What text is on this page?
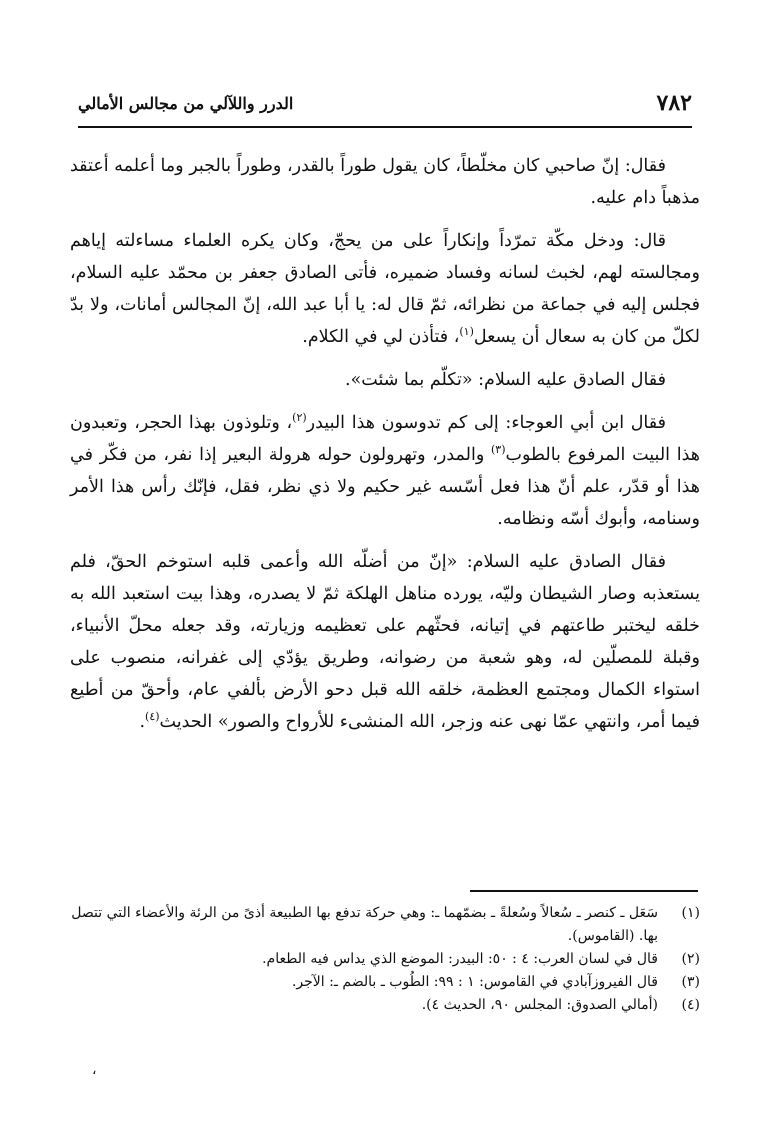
٧٨٢
الدرر واللآلي من مجالس الأمالي

فقال: إنّ صاحبي كان مخلّطاً، كان يقول طوراً بالقدر، وطوراً بالجبر وما أعلمه أعتقد مذهباً دام عليه.

قال: ودخل مكّة تمرّداً وإنكاراً على من يحجّ، وكان يكره العلماء مساءلته إياهم ومجالسته لهم، لخبث لسانه وفساد ضميره، فأتى الصادق جعفر بن محمّد عليه السلام، فجلس إليه في جماعة من نظرائه، ثمّ قال له: يا أبا عبد الله، إنّ المجالس أمانات، ولا بدّ لكلّ من كان به سعال أن يسعل$^{(١)}$، فتأذن لي في الكلام.

فقال الصادق عليه السلام: «تكلّم بما شئت».

فقال ابن أبي العوجاء: إلى كم تدوسون هذا البيدر$^{(٢)}$، وتلوذون بهذا الحجر، وتعبدون هذا البيت المرفوع بالطوب$^{(٣)}$ والمدر، وتهرولون حوله هرولة البعير إذا نفر، من فكّر في هذا أو قدّر، علم أنّ هذا فعل أسّسه غير حكيم ولا ذي نظر، فقل، فإنّك رأس هذا الأمر وسنامه، وأبوك أسّه ونظامه.

فقال الصادق عليه السلام: «إنّ من أضلّه الله وأعمى قلبه استوخم الحقّ، فلم يستعذبه وصار الشيطان وليّه، يورده مناهل الهلكة ثمّ لا يصدره، وهذا بيت استعبد الله به خلقه ليختبر طاعتهم في إتيانه، فحثّهم على تعظيمه وزيارته، وقد جعله محلّ الأنبياء، وقبلة للمصلّين له، وهو شعبة من رضوانه، وطريق يؤدّي إلى غفرانه، منصوب على استواء الكمال ومجتمع العظمة، خلقه الله قبل دحو الأرض بألفي عام، وأحقّ من أطيع فيما أمر، وانتهي عمّا نهى عنه وزجر، الله المنشىء للأرواح والصور» الحديث$^{(٤)}$.

(١)
سَعَل ـ كنصر ـ سُعالاً وسُعلةً ـ بضمّهما ـ: وهي حركة تدفع بها الطبيعة أذىً من الرئة والأعضاء التي تتصل بها. (القاموس).
(٢)
قال في لسان العرب: ٤ : ٥٠: البيدر: الموضع الذي يداس فيه الطعام.
(٣)
قال الفيروزآبادي في القاموس: ١ : ٩٩: الطُوب ـ بالضم ـ: الآجر.
(٤)
(أمالي الصدوق: المجلس ٩٠، الحديث ٤).
،
